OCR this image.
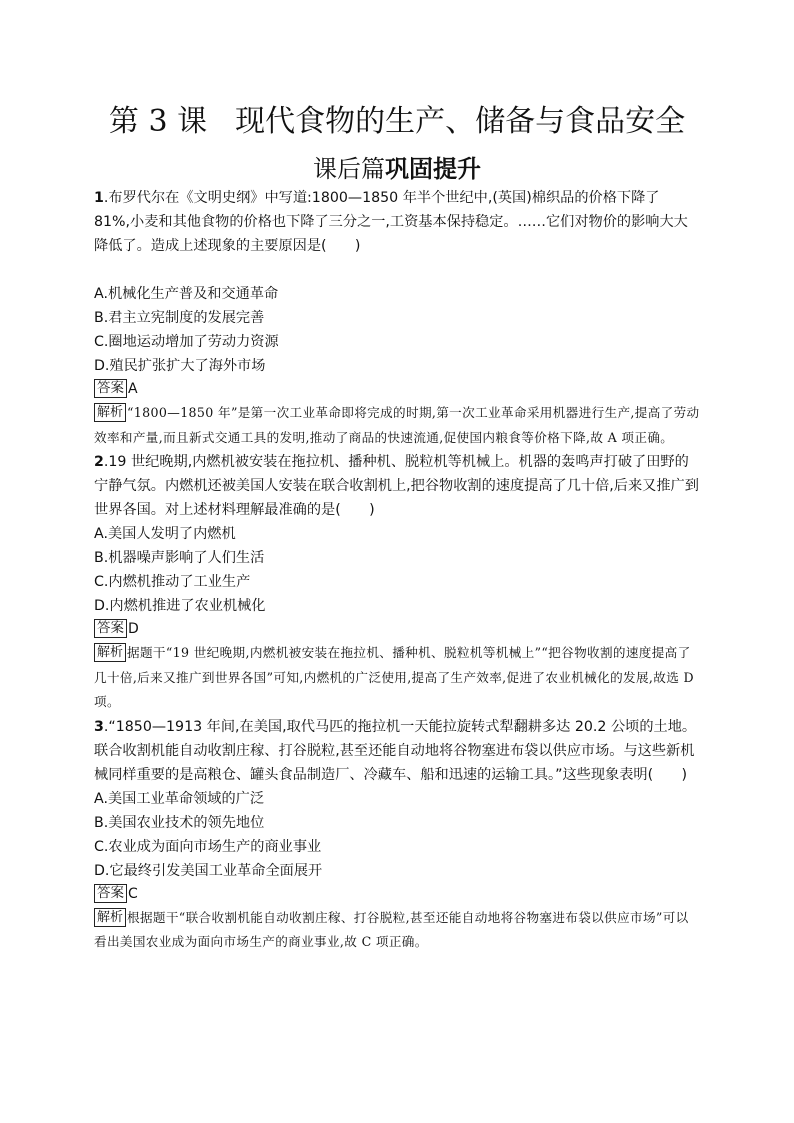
第 3 课 现代食物的生产、储备与食品安全
课后篇巩固提升
1.布罗代尔在《文明史纲》中写道:1800—1850 年半个世纪中,(英国)棉织品的价格下降了 81%,小麦和其他食物的价格也下降了三分之一,工资基本保持稳定。……它们对物价的影响大大降低了。造成上述现象的主要原因是(　　)
A.机械化生产普及和交通革命
B.君主立宪制度的发展完善
C.圈地运动增加了劳动力资源
D.殖民扩张扩大了海外市场
答案 A
解析 “1800—1850 年”是第一次工业革命即将完成的时期,第一次工业革命采用机器进行生产,提高了劳动效率和产量,而且新式交通工具的发明,推动了商品的快速流通,促使国内粮食等价格下降,故 A 项正确。
2.19 世纪晚期,内燃机被安装在拖拉机、播种机、脱粒机等机械上。机器的轰鸣声打破了田野的宁静气氛。内燃机还被美国人安装在联合收割机上,把谷物收割的速度提高了几十倍,后来又推广到世界各国。对上述材料理解最准确的是(　　)
A.美国人发明了内燃机
B.机器噪声影响了人们生活
C.内燃机推动了工业生产
D.内燃机推进了农业机械化
答案 D
解析 据题干“19 世纪晚期,内燃机被安装在拖拉机、播种机、脱粒机等机械上”“把谷物收割的速度提高了几十倍,后来又推广到世界各国”可知,内燃机的广泛使用,提高了生产效率,促进了农业机械化的发展,故选 D 项。
3.“1850—1913 年间,在美国,取代马匹的拖拉机一天能拉旋转式犁翻耕多达 20.2 公顷的土地。联合收割机能自动收割庄稼、打谷脱粒,甚至还能自动地将谷物塞进布袋以供应市场。与这些新机械同样重要的是高粮仓、罐头食品制造厂、冷藏车、船和迅速的运输工具。”这些现象表明(　　)
A.美国工业革命领域的广泛
B.美国农业技术的领先地位
C.农业成为面向市场生产的商业事业
D.它最终引发美国工业革命全面展开
答案 C
解析 根据题干“联合收割机能自动收割庄稼、打谷脱粒,甚至还能自动地将谷物塞进布袋以供应市场”可以看出美国农业成为面向市场生产的商业事业,故 C 项正确。
